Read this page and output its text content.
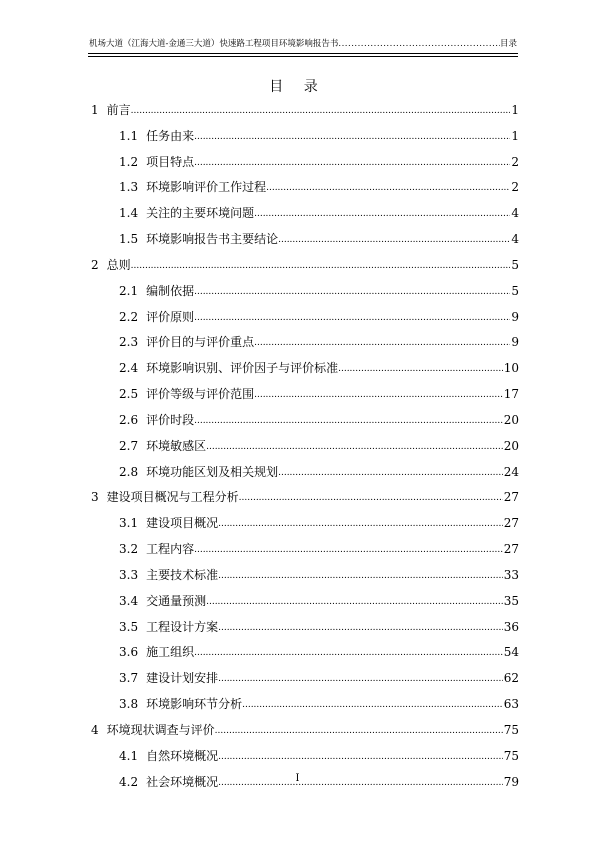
机场大道（江海大道-金通三大道）快速路工程项目环境影响报告书 .....	目录
目 录
1 前言 .....	1
1.1 任务由来 .....	1
1.2 项目特点 .....	2
1.3 环境影响评价工作过程 .....	2
1.4 关注的主要环境问题 .....	4
1.5 环境影响报告书主要结论 .....	4
2 总则 .....	5
2.1 编制依据 .....	5
2.2 评价原则 .....	9
2.3 评价目的与评价重点 .....	9
2.4 环境影响识别、评价因子与评价标准 .....	10
2.5 评价等级与评价范围 .....	17
2.6 评价时段 .....	20
2.7 环境敏感区 .....	20
2.8 环境功能区划及相关规划 .....	24
3 建设项目概况与工程分析 .....	27
3.1 建设项目概况 .....	27
3.2 工程内容 .....	27
3.3 主要技术标准 .....	33
3.4 交通量预测 .....	35
3.5 工程设计方案 .....	36
3.6 施工组织 .....	54
3.7 建设计划安排 .....	62
3.8 环境影响环节分析 .....	63
4 环境现状调查与评价 .....	75
4.1 自然环境概况 .....	75
4.2 社会环境概况 .....	79
I
